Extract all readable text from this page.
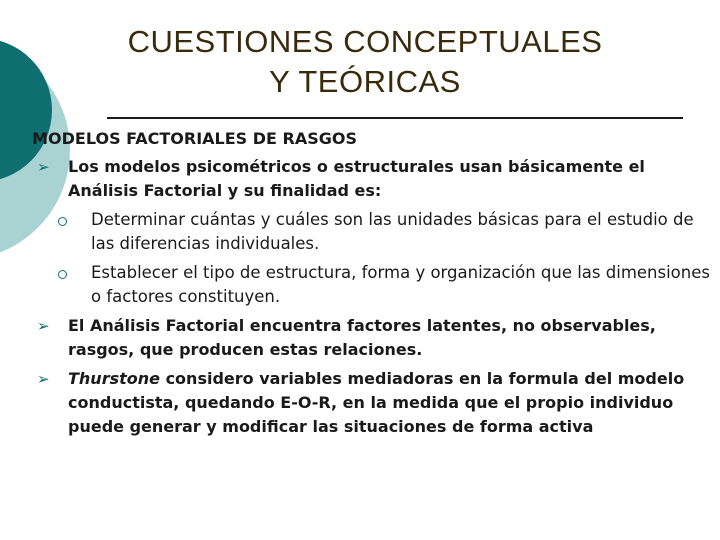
CUESTIONES CONCEPTUALES
Y TEÓRICAS
a) MODELOS FACTORIALES DE RASGOS
➢ Los modelos psicométricos o estructurales usan básicamente el Análisis Factorial y su finalidad es:
Determinar cuántas y cuáles son las unidades básicas para el estudio de las diferencias individuales.
Establecer el tipo de estructura, forma y organización que las dimensiones o factores constituyen.
➢ El Análisis Factorial encuentra factores latentes, no observables, rasgos, que producen estas relaciones.
➢ Thurstone considero variables mediadoras en la formula del modelo conductista, quedando E-O-R, en la medida que el propio individuo puede generar y modificar las situaciones de forma activa
